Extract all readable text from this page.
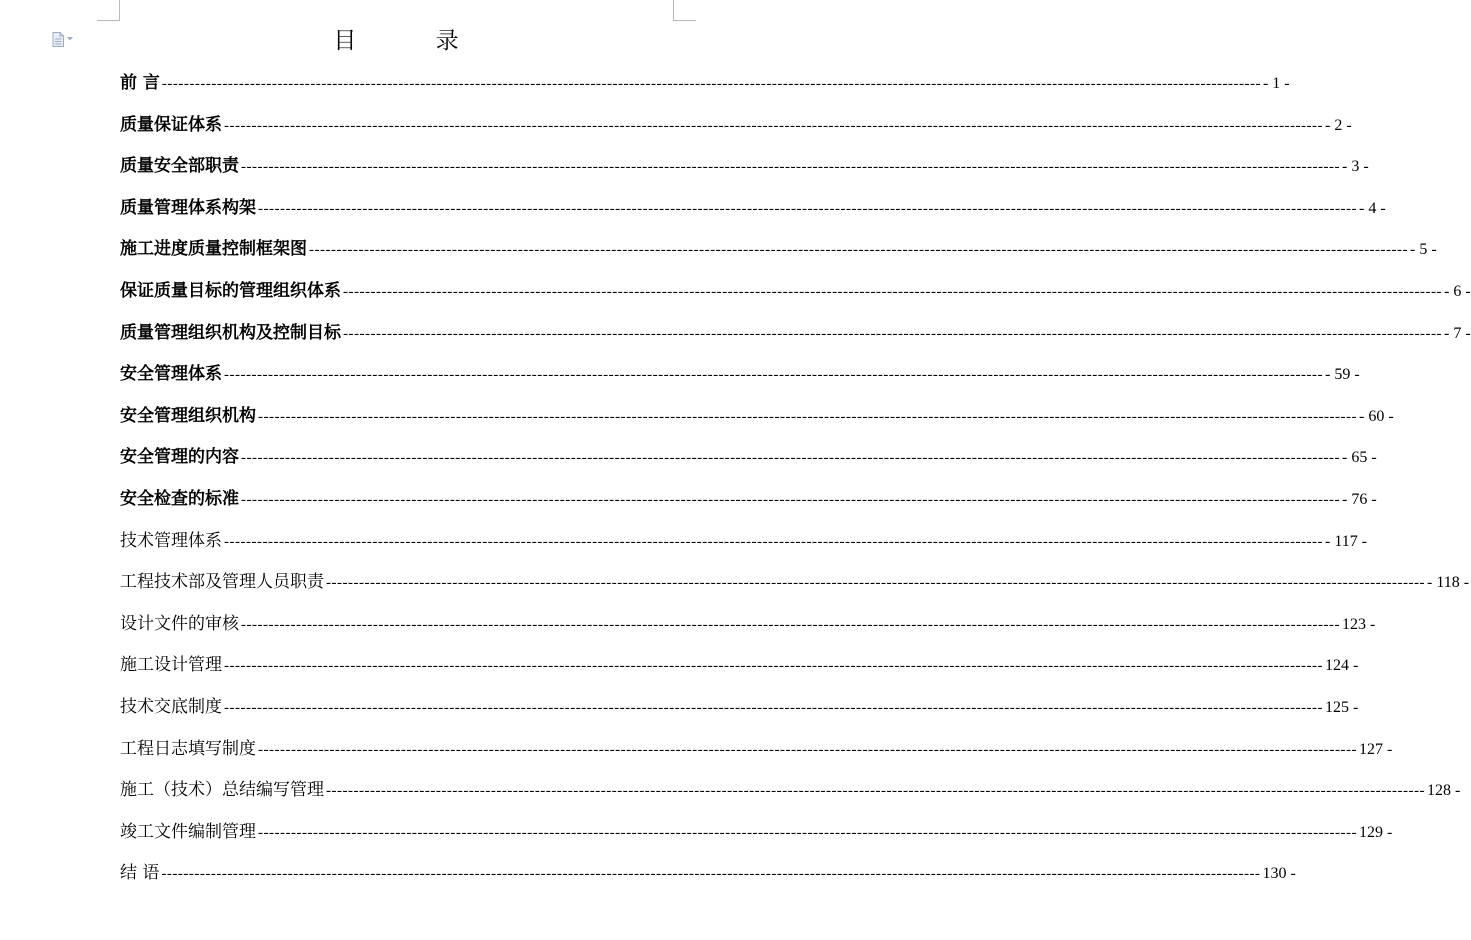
目 录
前 言 -------------------------------------------------------------------------------------------------------------------------------------------------------------------------------------------------------- - 1 -
质量保证体系 -------------------------------------------------------------------------------------------------------------------------------------------------------------------------------------------------------- - 2 -
质量安全部职责 -------------------------------------------------------------------------------------------------------------------------------------------------------------------------------------------------------- - 3 -
质量管理体系构架 -------------------------------------------------------------------------------------------------------------------------------------------------------------------------------------------------------- - 4 -
施工进度质量控制框架图 -------------------------------------------------------------------------------------------------------------------------------------------------------------------------------------------------------- - 5 -
保证质量目标的管理组织体系 -------------------------------------------------------------------------------------------------------------------------------------------------------------------------------------------------------- - 6 -
质量管理组织机构及控制目标 -------------------------------------------------------------------------------------------------------------------------------------------------------------------------------------------------------- - 7 -
安全管理体系 -------------------------------------------------------------------------------------------------------------------------------------------------------------------------------------------------------- - 59 -
安全管理组织机构 -------------------------------------------------------------------------------------------------------------------------------------------------------------------------------------------------------- - 60 -
安全管理的内容 -------------------------------------------------------------------------------------------------------------------------------------------------------------------------------------------------------- - 65 -
安全检查的标准 -------------------------------------------------------------------------------------------------------------------------------------------------------------------------------------------------------- - 76 -
技术管理体系 -------------------------------------------------------------------------------------------------------------------------------------------------------------------------------------------------------- - 117 -
工程技术部及管理人员职责 -------------------------------------------------------------------------------------------------------------------------------------------------------------------------------------------------------- - 118 -
设计文件的审核 -------------------------------------------------------------------------------------------------------------------------------------------------------------------------------------------------------- 123 -
施工设计管理 -------------------------------------------------------------------------------------------------------------------------------------------------------------------------------------------------------- 124 -
技术交底制度 -------------------------------------------------------------------------------------------------------------------------------------------------------------------------------------------------------- 125 -
工程日志填写制度 -------------------------------------------------------------------------------------------------------------------------------------------------------------------------------------------------------- 127 -
施工（技术）总结编写管理 -------------------------------------------------------------------------------------------------------------------------------------------------------------------------------------------------------- 128 -
竣工文件编制管理 -------------------------------------------------------------------------------------------------------------------------------------------------------------------------------------------------------- 129 -
结 语 -------------------------------------------------------------------------------------------------------------------------------------------------------------------------------------------------------- 130 -
